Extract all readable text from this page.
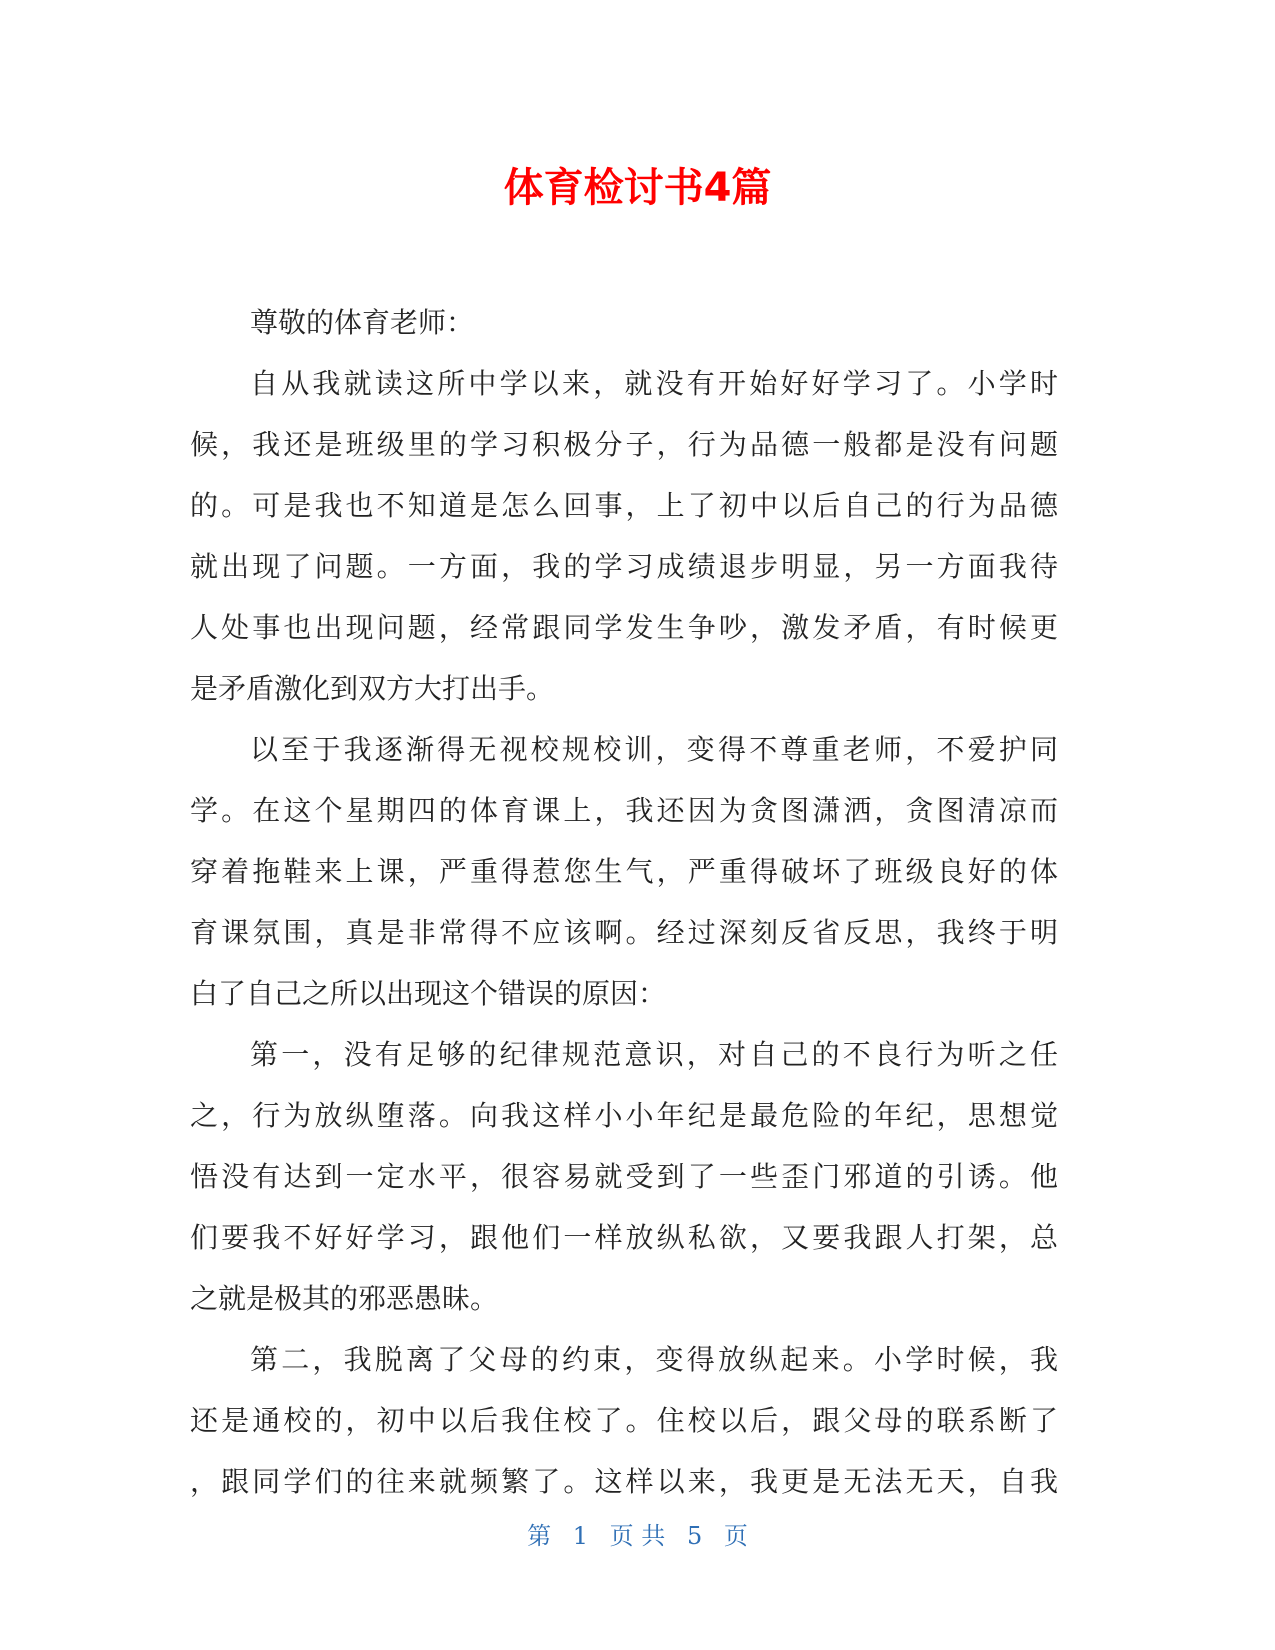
体育检讨书4篇
尊敬的体育老师：
自从我就读这所中学以来，就没有开始好好学习了。小学时
候，我还是班级里的学习积极分子，行为品德一般都是没有问题
的。可是我也不知道是怎么回事，上了初中以后自己的行为品德
就出现了问题。一方面，我的学习成绩退步明显，另一方面我待
人处事也出现问题，经常跟同学发生争吵，激发矛盾，有时候更
是矛盾激化到双方大打出手。
以至于我逐渐得无视校规校训，变得不尊重老师，不爱护同
学。在这个星期四的体育课上，我还因为贪图潇洒，贪图清凉而
穿着拖鞋来上课，严重得惹您生气，严重得破坏了班级良好的体
育课氛围，真是非常得不应该啊。经过深刻反省反思，我终于明
白了自己之所以出现这个错误的原因：
第一，没有足够的纪律规范意识，对自己的不良行为听之任
之，行为放纵堕落。向我这样小小年纪是最危险的年纪，思想觉
悟没有达到一定水平，很容易就受到了一些歪门邪道的引诱。他
们要我不好好学习，跟他们一样放纵私欲，又要我跟人打架，总
之就是极其的邪恶愚昧。
第二，我脱离了父母的约束，变得放纵起来。小学时候，我
还是通校的，初中以后我住校了。住校以后，跟父母的联系断了
，跟同学们的往来就频繁了。这样以来，我更是无法无天，自我
第 1 页 共 5 页
